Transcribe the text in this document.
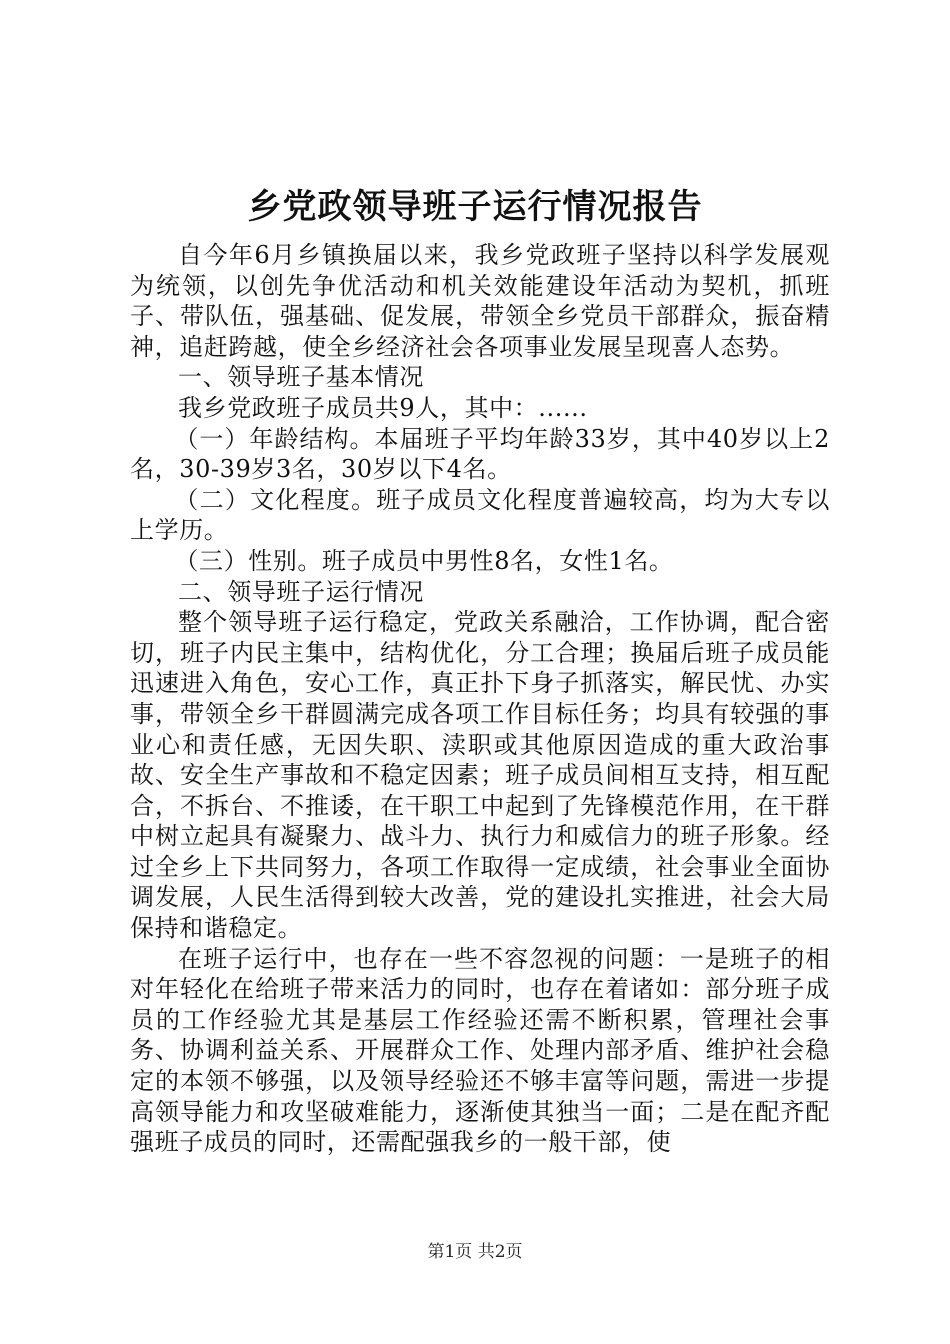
乡党政领导班子运行情况报告

自今年6月乡镇换届以来，我乡党政班子坚持以科学发展观为统领，以创先争优活动和机关效能建设年活动为契机，抓班子、带队伍，强基础、促发展，带领全乡党员干部群众，振奋精神，追赶跨越，使全乡经济社会各项事业发展呈现喜人态势。

一、领导班子基本情况

我乡党政班子成员共9人，其中：......

（一）年龄结构。本届班子平均年龄33岁，其中40岁以上2名，30-39岁3名，30岁以下4名。

（二）文化程度。班子成员文化程度普遍较高，均为大专以上学历。

（三）性别。班子成员中男性8名，女性1名。

二、领导班子运行情况

整个领导班子运行稳定，党政关系融洽，工作协调，配合密切，班子内民主集中，结构优化，分工合理；换届后班子成员能迅速进入角色，安心工作，真正扑下身子抓落实，解民忧、办实事，带领全乡干群圆满完成各项工作目标任务；均具有较强的事业心和责任感，无因失职、渎职或其他原因造成的重大政治事故、安全生产事故和不稳定因素；班子成员间相互支持，相互配合，不拆台、不推诿，在干职工中起到了先锋模范作用，在干群中树立起具有凝聚力、战斗力、执行力和威信力的班子形象。经过全乡上下共同努力，各项工作取得一定成绩，社会事业全面协调发展，人民生活得到较大改善，党的建设扎实推进，社会大局保持和谐稳定。

在班子运行中，也存在一些不容忽视的问题：一是班子的相对年轻化在给班子带来活力的同时，也存在着诸如：部分班子成员的工作经验尤其是基层工作经验还需不断积累，管理社会事务、协调利益关系、开展群众工作、处理内部矛盾、维护社会稳定的本领不够强，以及领导经验还不够丰富等问题，需进一步提高领导能力和攻坚破难能力，逐渐使其独当一面；二是在配齐配强班子成员的同时，还需配强我乡的一般干部，使

第1页 共2页
